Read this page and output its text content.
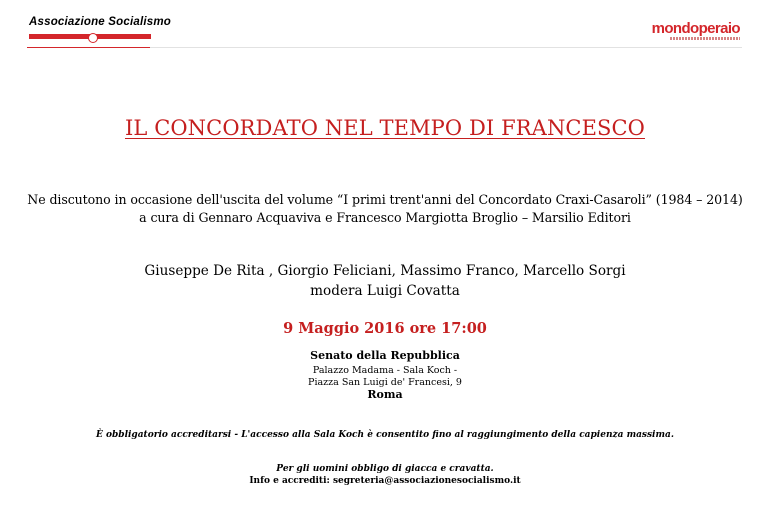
Associazione Socialismo	mondoperaio
IL CONCORDATO NEL TEMPO DI FRANCESCO
Ne discutono in occasione dell'uscita del volume “I primi trent'anni del Concordato Craxi-Casaroli” (1984 – 2014)
a cura di Gennaro Acquaviva e Francesco Margiotta Broglio – Marsilio Editori
Giuseppe De Rita , Giorgio Feliciani, Massimo Franco, Marcello Sorgi
modera Luigi Covatta
9 Maggio 2016 ore 17:00
Senato della Repubblica
Palazzo Madama - Sala Koch -
Piazza San Luigi de' Francesi, 9
Roma
È obbligatorio accreditarsi - L'accesso alla Sala Koch è consentito fino al raggiungimento della capienza massima.
Per gli uomini obbligo di giacca e cravatta.
Info e accrediti: segreteria@associazionesocialismo.it
